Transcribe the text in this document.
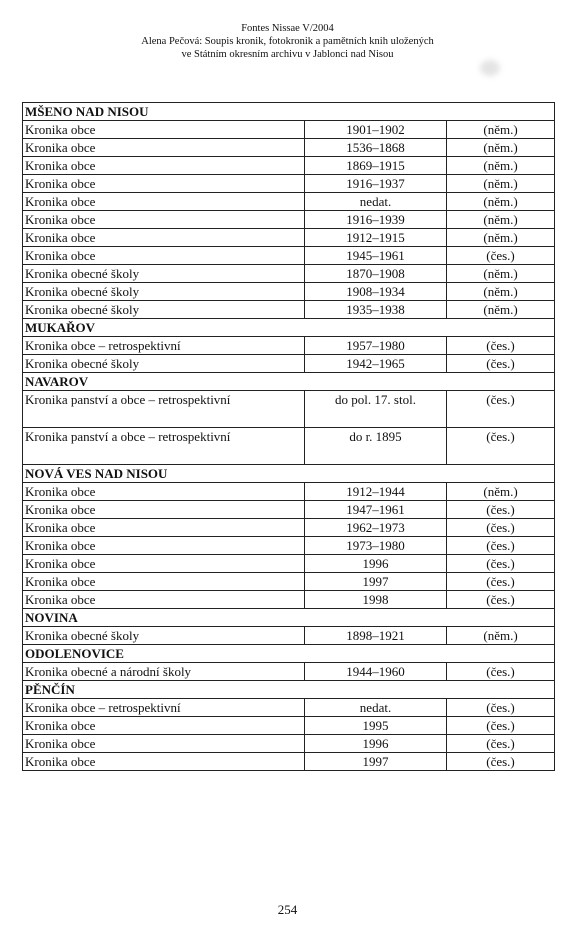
Fontes Nissae V/2004
Alena Pečová: Soupis kronik, fotokronik a pamětních knih uložených
ve Státním okresním archivu v Jablonci nad Nisou
MŠENO NAD NISOU		
Kronika obce	1901–1902	(něm.)
Kronika obce	1536–1868	(něm.)
Kronika obce	1869–1915	(něm.)
Kronika obce	1916–1937	(něm.)
Kronika obce	nedat.	(něm.)
Kronika obce	1916–1939	(něm.)
Kronika obce	1912–1915	(něm.)
Kronika obce	1945–1961	(čes.)
Kronika obecné školy	1870–1908	(něm.)
Kronika obecné školy	1908–1934	(něm.)
Kronika obecné školy	1935–1938	(něm.)
MUKAŘOV		
Kronika obce – retrospektivní	1957–1980	(čes.)
Kronika obecné školy	1942–1965	(čes.)
NAVAROV		
Kronika panství a obce – retrospektivní	do pol. 17. stol.	(čes.)
Kronika panství a obce – retrospektivní	do r. 1895	(čes.)
NOVÁ VES NAD NISOU		
Kronika obce	1912–1944	(něm.)
Kronika obce	1947–1961	(čes.)
Kronika obce	1962–1973	(čes.)
Kronika obce	1973–1980	(čes.)
Kronika obce	1996	(čes.)
Kronika obce	1997	(čes.)
Kronika obce	1998	(čes.)
NOVINA		
Kronika obecné školy	1898–1921	(něm.)
ODOLENOVICE		
Kronika obecné a národní školy	1944–1960	(čes.)
PĚNČÍN		
Kronika obce – retrospektivní	nedat.	(čes.)
Kronika obce	1995	(čes.)
Kronika obce	1996	(čes.)
Kronika obce	1997	(čes.)
254
